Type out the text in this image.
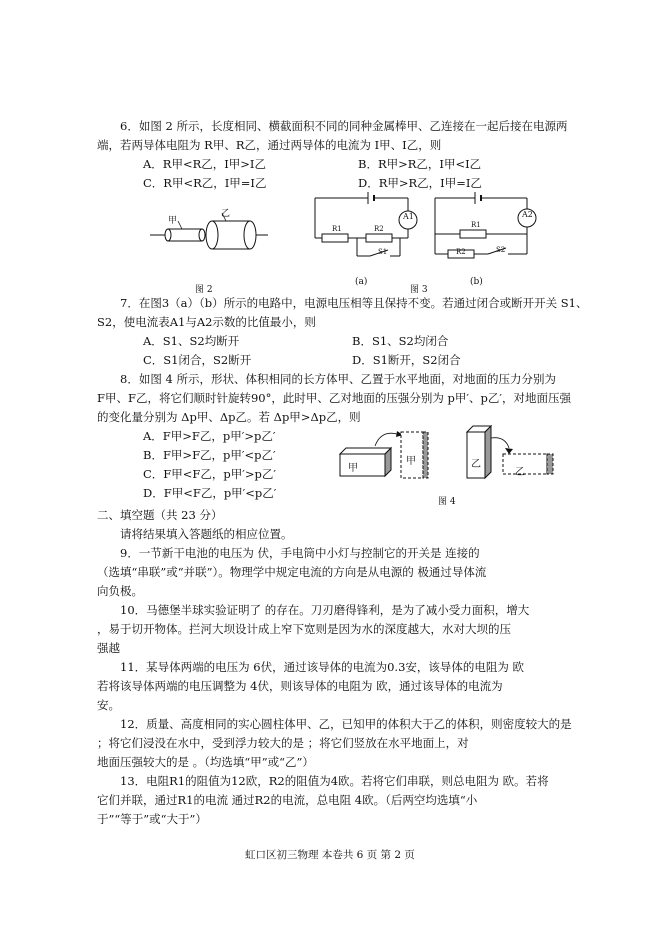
6．如图 2 所示，长度相同、横截面积不同的同种金属棒甲、乙连接在一起后接在电源两
端，若两导体电阻为 R甲、R乙，通过两导体的电流为 I甲、I乙，则
A．R甲<R乙，I甲>I乙	B．R甲>R乙，I甲<I乙
C．R甲<R乙，I甲=I乙	D．R甲>R乙，I甲=I乙
甲
乙
图 2
A1
R1	R2
S1
(a)
A2
R1
R2	S2
(b)
图 3
7．在图3（a）（b）所示的电路中，电源电压相等且保持不变。若通过闭合或断开开关 S1、
S2，使电流表A1与A2示数的比值最小，则
A．S1、S2均断开	B．S1、S2均闭合
C．S1闭合，S2断开	D．S1断开，S2闭合
8．如图 4 所示，形状、体积相同的长方体甲、乙置于水平地面，对地面的压力分别为
F甲、F乙，将它们顺时针旋转90°，此时甲、乙对地面的压强分别为 p甲′、p乙′，对地面压强
的变化量分别为 Δp甲、Δp乙。若 Δp甲>Δp乙，则
A．F甲>F乙，p甲′>p乙′
B．F甲>F乙，p甲′<p乙′
C．F甲<F乙，p甲′>p乙′
D．F甲<F乙，p甲′<p乙′
甲
甲	乙
乙
图 4
二、填空题（共 23 分）
请将结果填入答题纸的相应位置。
9．一节新干电池的电压为 伏，手电筒中小灯与控制它的开关是 连接的
（选填“串联”或“并联”）。物理学中规定电流的方向是从电源的 极通过导体流
向负极。
10．马德堡半球实验证明了 的存在。刀刃磨得锋利，是为了减小受力面积，增大
，易于切开物体。拦河大坝设计成上窄下宽则是因为水的深度越大，水对大坝的压
强越
11．某导体两端的电压为 6伏，通过该导体的电流为0.3安，该导体的电阻为 欧
若将该导体两端的电压调整为 4伏，则该导体的电阻为 欧，通过该导体的电流为
安。
12．质量、高度相同的实心圆柱体甲、乙，已知甲的体积大于乙的体积，则密度较大的是
；将它们浸没在水中，受到浮力较大的是 ；将它们竖放在水平地面上，对
地面压强较大的是 。（均选填“甲”或“乙”）
13．电阻R1的阻值为12欧，R2的阻值为4欧。若将它们串联，则总电阻为 欧。若将
它们并联，通过R1的电流 通过R2的电流，总电阻 4欧。（后两空均选填“小
于”“等于”或“大于”）
虹口区初三物理 本卷共 6 页 第 2 页
